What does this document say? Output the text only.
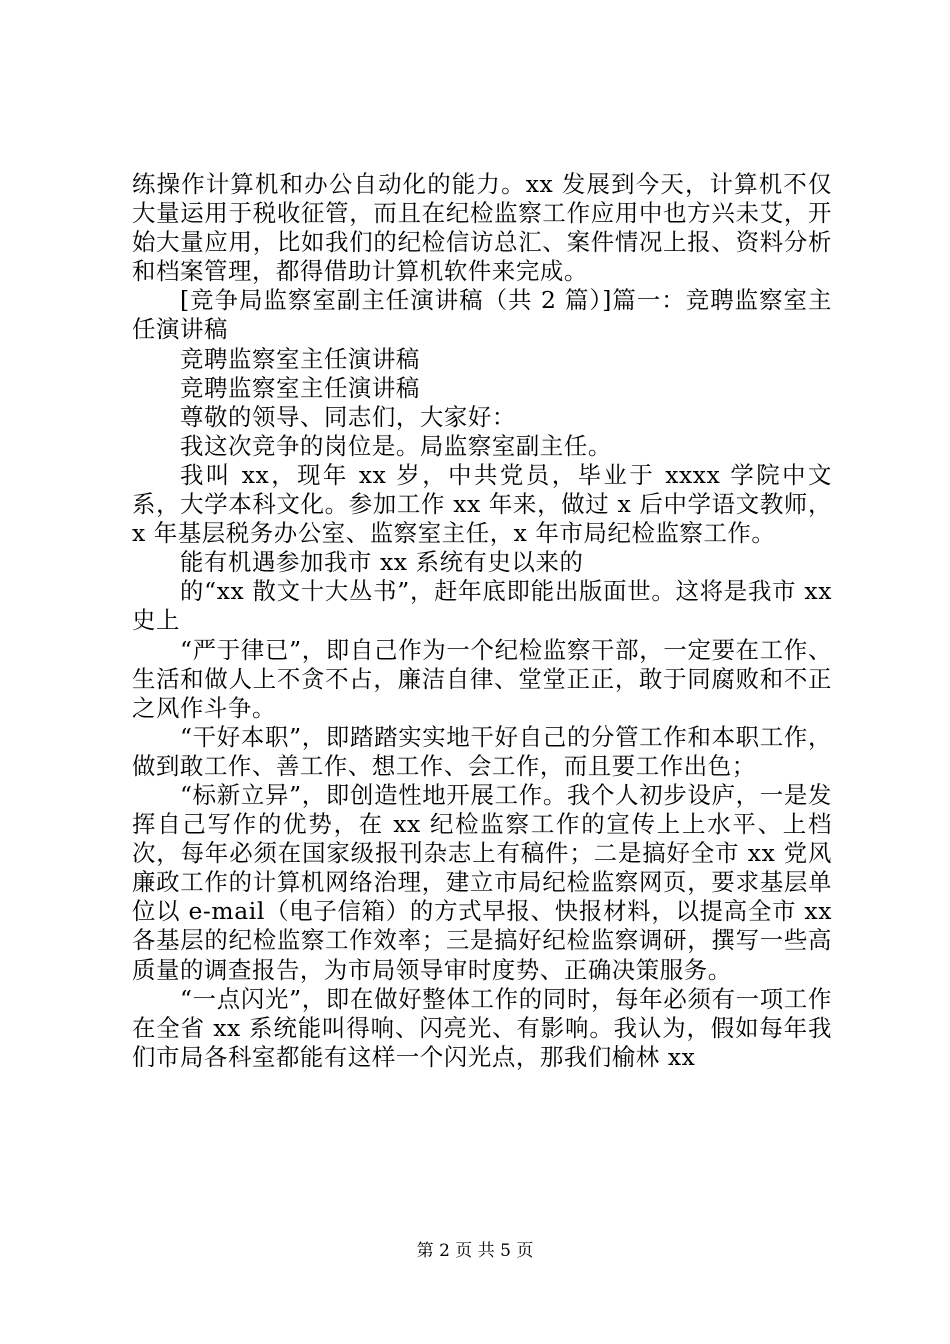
练操作计算机和办公自动化的能力。xx 发展到今天，计算机不仅大量运用于税收征管，而且在纪检监察工作应用中也方兴未艾，开始大量应用，比如我们的纪检信访总汇、案件情况上报、资料分析和档案管理，都得借助计算机软件来完成。

[竞争局监察室副主任演讲稿（共 2 篇）]篇一：竞聘监察室主任演讲稿

竞聘监察室主任演讲稿

竞聘监察室主任演讲稿

尊敬的领导、同志们，大家好：

我这次竞争的岗位是。局监察室副主任。

我叫 xx，现年 xx 岁，中共党员，毕业于 xxxx 学院中文系，大学本科文化。参加工作 xx 年来，做过 x 后中学语文教师，x 年基层税务办公室、监察室主任，x 年市局纪检监察工作。

能有机遇参加我市 xx 系统有史以来的

的“xx 散文十大丛书”，赶年底即能出版面世。这将是我市 xx 史上

“严于律已”，即自己作为一个纪检监察干部，一定要在工作、生活和做人上不贪不占，廉洁自律、堂堂正正，敢于同腐败和不正之风作斗争。

“干好本职”，即踏踏实实地干好自己的分管工作和本职工作，做到敢工作、善工作、想工作、会工作，而且要工作出色；

“标新立异”，即创造性地开展工作。我个人初步设庐，一是发挥自己写作的优势，在 xx 纪检监察工作的宣传上上水平、上档次，每年必须在国家级报刊杂志上有稿件；二是搞好全市 xx 党风廉政工作的计算机网络治理，建立市局纪检监察网页，要求基层单位以 e-mail（电子信箱）的方式早报、快报材料，以提高全市 xx 各基层的纪检监察工作效率；三是搞好纪检监察调研，撰写一些高质量的调查报告，为市局领导审时度势、正确决策服务。

“一点闪光”，即在做好整体工作的同时，每年必须有一项工作在全省 xx 系统能叫得响、闪亮光、有影响。我认为，假如每年我们市局各科室都能有这样一个闪光点，那我们榆林 xx

第 2 页 共 5 页
